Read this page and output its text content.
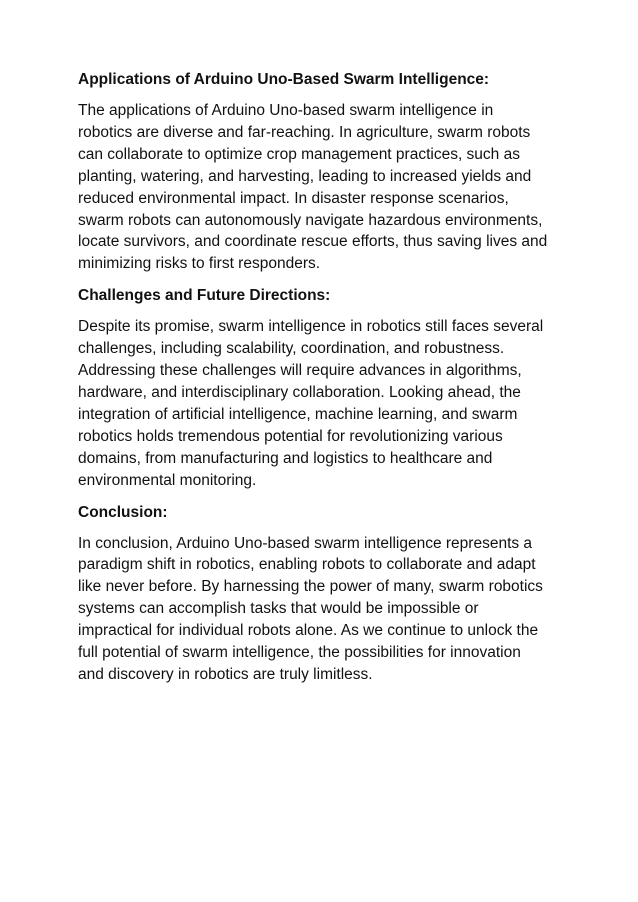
Applications of Arduino Uno-Based Swarm Intelligence:

The applications of Arduino Uno-based swarm intelligence in
robotics are diverse and far-reaching. In agriculture, swarm robots
can collaborate to optimize crop management practices, such as
planting, watering, and harvesting, leading to increased yields and
reduced environmental impact. In disaster response scenarios,
swarm robots can autonomously navigate hazardous environments,
locate survivors, and coordinate rescue efforts, thus saving lives and
minimizing risks to first responders.

Challenges and Future Directions:

Despite its promise, swarm intelligence in robotics still faces several
challenges, including scalability, coordination, and robustness.
Addressing these challenges will require advances in algorithms,
hardware, and interdisciplinary collaboration. Looking ahead, the
integration of artificial intelligence, machine learning, and swarm
robotics holds tremendous potential for revolutionizing various
domains, from manufacturing and logistics to healthcare and
environmental monitoring.

Conclusion:

In conclusion, Arduino Uno-based swarm intelligence represents a
paradigm shift in robotics, enabling robots to collaborate and adapt
like never before. By harnessing the power of many, swarm robotics
systems can accomplish tasks that would be impossible or
impractical for individual robots alone. As we continue to unlock the
full potential of swarm intelligence, the possibilities for innovation
and discovery in robotics are truly limitless.
